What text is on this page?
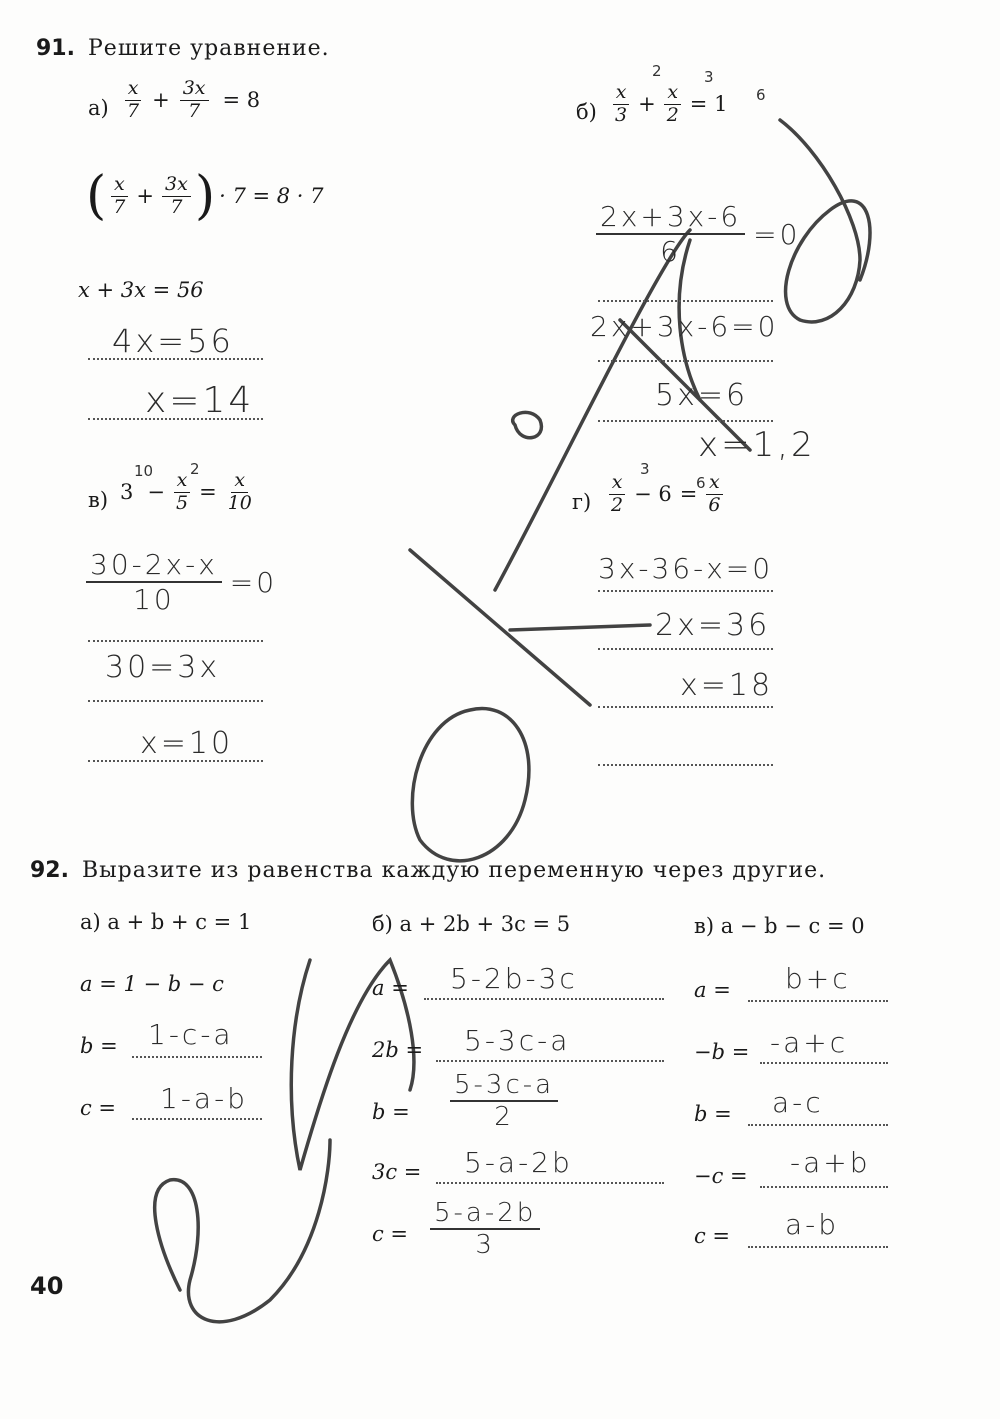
91. Решите уравнение.
$а) \frac{x}{7} + \frac{3x}{7} = 8$
( $\frac{x}{7} + \frac{3x}{7}$ ) · 7 = 8 · 7
x + 3x = 56
4x=56
x=14
$б) \frac{x}{3} + \frac{x}{2} = 1$
2	3
6
$\frac{2x+3x-6}{6} =0$
2x+3x-6=0
5x=6
x=1,2
в) $3 - \frac{x}{5} = \frac{x}{10}$
10 2
$\frac{30-2x-x}{10} =0$
30=3x
x=10
$г) \frac{x}{2} - 6 = \frac{x}{6}$
3
6
3x-36-x=0
2x=36
x=18
92. Выразите из равенства каждую переменную через другие.
а) a + b + c = 1
a = 1 − b − c
b = 1-c-a
c = 1-a-b
б) a + 2b + 3c = 5
a = 5-2b-3c
2b = 5-3c-a
$b = \frac{5-3c-a}{2}$
3c = 5-a-2b
$c = \frac{5-a-2b}{3}$
в) a − b − c = 0
a = b+c
−b = -a+c
b = a-c
−c = -a+b
c = a-b
40
